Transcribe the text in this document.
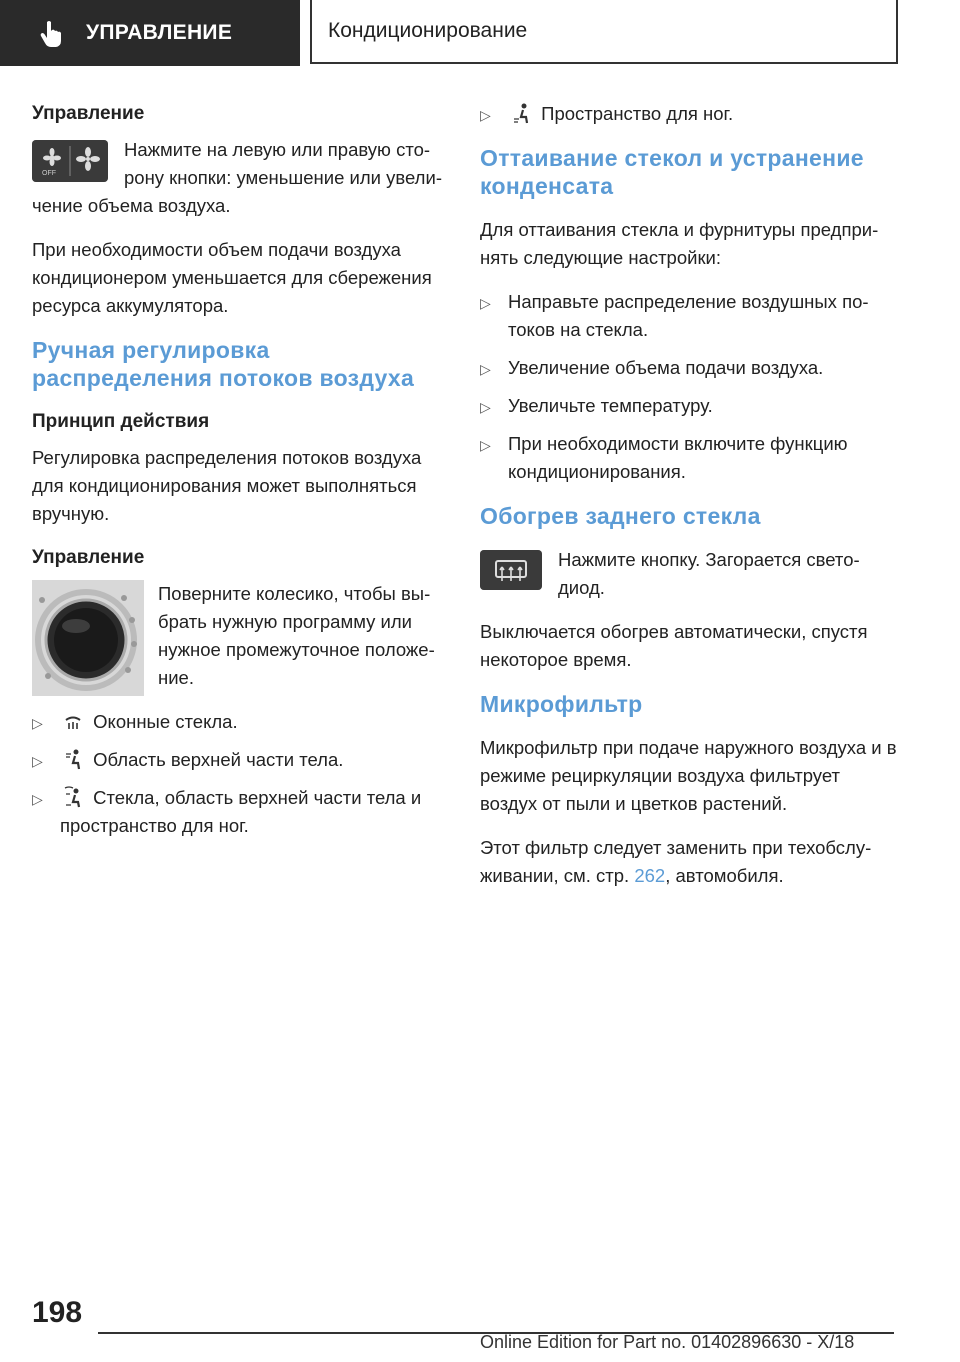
УПРАВЛЕНИЕ	Кондиционирование
Управление
OFF

Нажмите на левую или правую сторону кнопки: уменьшение или увеличение объема воздуха.

При необходимости объем подачи воздуха кондиционером уменьшается для сбережения ресурса аккумулятора.

Ручная регулировка распределения потоков воздуха
Принцип действия

Регулировка распределения потоков воздуха для кондиционирования может выполняться вручную.

Управление

Поверните колесико, чтобы выбрать нужную программу или нужное промежуточное положение.

▷	Оконные стекла.
▷	Область верхней части тела.
▷	Стекла, область верхней части тела и пространство для ног.
▷	Пространство для ног.
Оттаивание стекол и устранение конденсата

Для оттаивания стекла и фурнитуры предпринять следующие настройки:

▷ Направьте распределение воздушных потоков на стекла.
▷ Увеличение объема подачи воздуха.
▷ Увеличьте температуру.
▷ При необходимости включите функцию кондиционирования.
Обогрев заднего стекла

Нажмите кнопку. Загорается светодиод.

Выключается обогрев автоматически, спустя некоторое время.

Микрофильтр

Микрофильтр при подаче наружного воздуха и в режиме рециркуляции воздуха фильтрует воздух от пыли и цветков растений.

Этот фильтр следует заменить при техобслуживании, см. стр. 262, автомобиля.

198
Online Edition for Part no. 01402896630 - X/18
